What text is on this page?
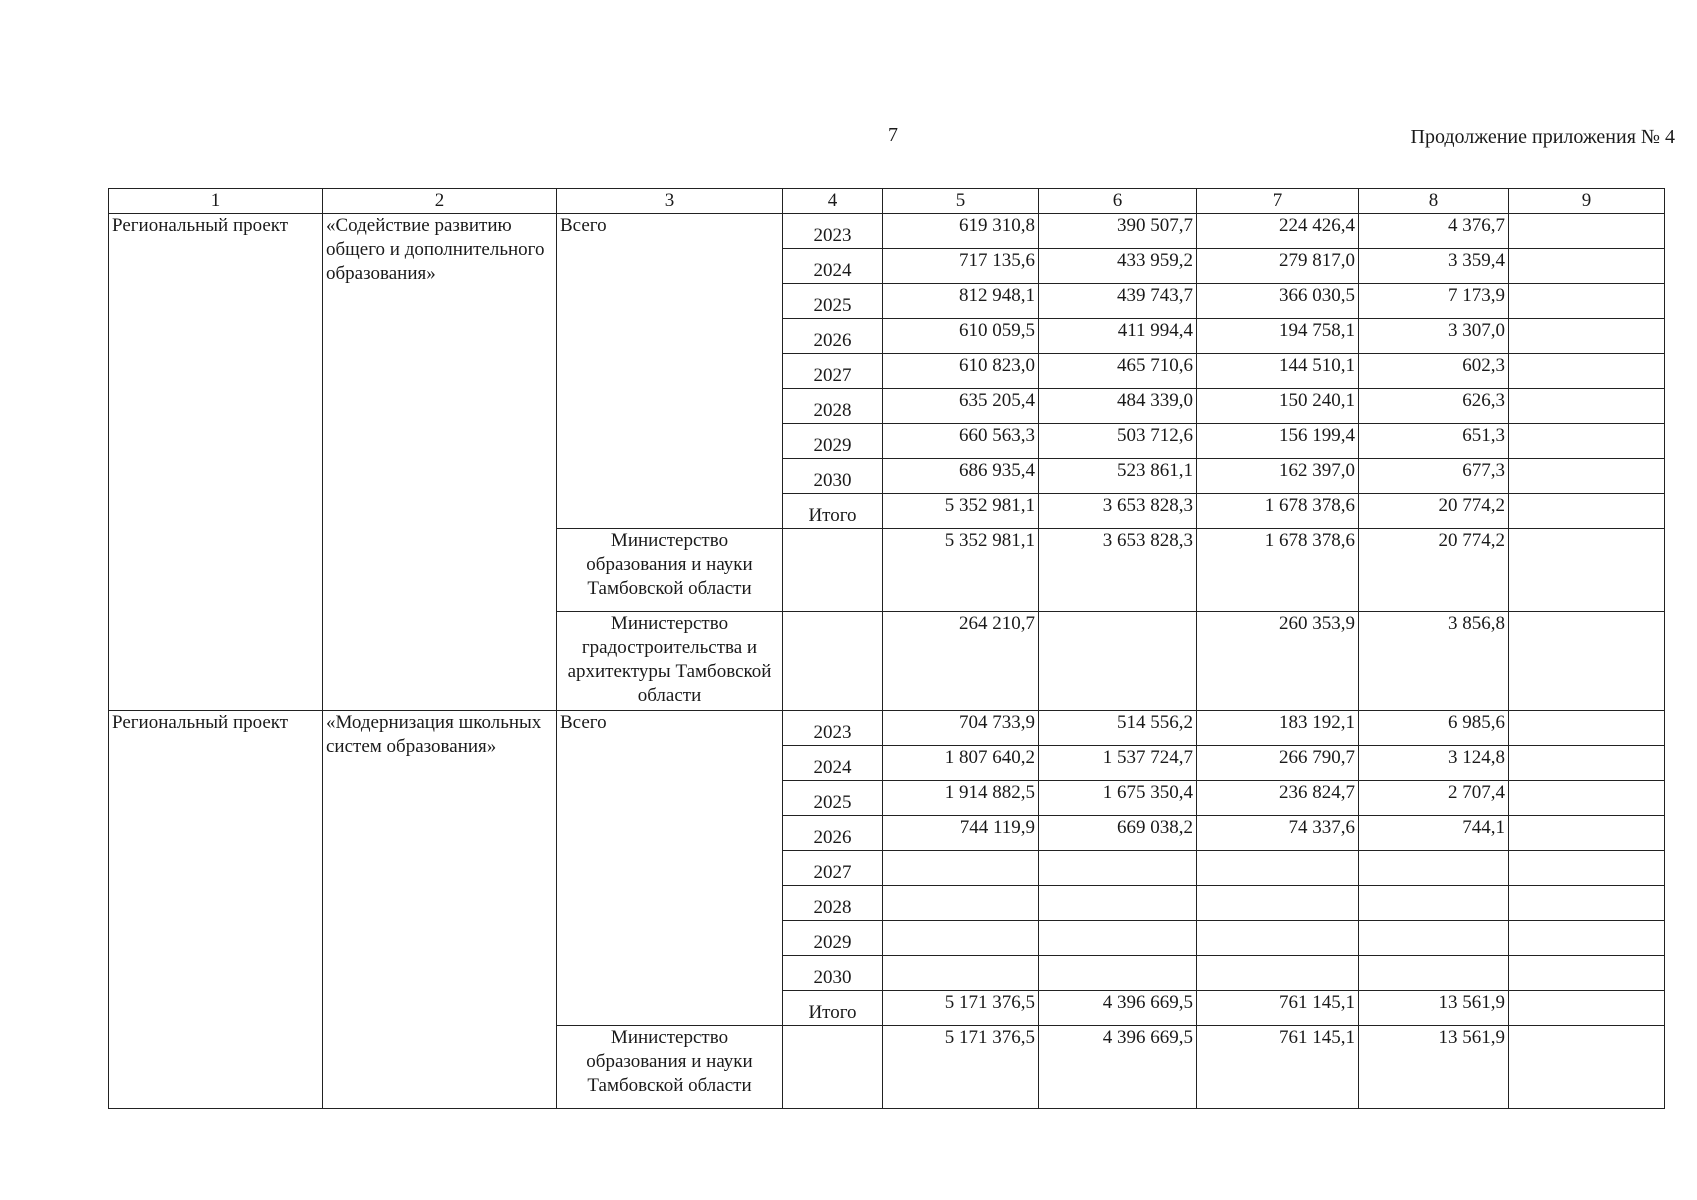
7	Продолжение приложения № 4
1	2	3	4	5	6	7	8	9
Региональный проект	«Содействие развитию общего и дополнительного образования»	Всего	2023	619 310,8	390 507,7	224 426,4	4 376,7	
			2024	717 135,6	433 959,2	279 817,0	3 359,4	
			2025	812 948,1	439 743,7	366 030,5	7 173,9	
			2026	610 059,5	411 994,4	194 758,1	3 307,0	
			2027	610 823,0	465 710,6	144 510,1	602,3	
			2028	635 205,4	484 339,0	150 240,1	626,3	
			2029	660 563,3	503 712,6	156 199,4	651,3	
			2030	686 935,4	523 861,1	162 397,0	677,3	
			Итого	5 352 981,1	3 653 828,3	1 678 378,6	20 774,2	
		Министерство образования и науки Тамбовской области		5 352 981,1	3 653 828,3	1 678 378,6	20 774,2	
		Министерство градостроительства и архитектуры Тамбовской области		264 210,7		260 353,9	3 856,8	
Региональный проект	«Модернизация школьных систем образования»	Всего	2023	704 733,9	514 556,2	183 192,1	6 985,6	
			2024	1 807 640,2	1 537 724,7	266 790,7	3 124,8	
			2025	1 914 882,5	1 675 350,4	236 824,7	2 707,4	
			2026	744 119,9	669 038,2	74 337,6	744,1	
			2027					
			2028					
			2029					
			2030					
			Итого	5 171 376,5	4 396 669,5	761 145,1	13 561,9	
		Министерство образования и науки Тамбовской области		5 171 376,5	4 396 669,5	761 145,1	13 561,9	
